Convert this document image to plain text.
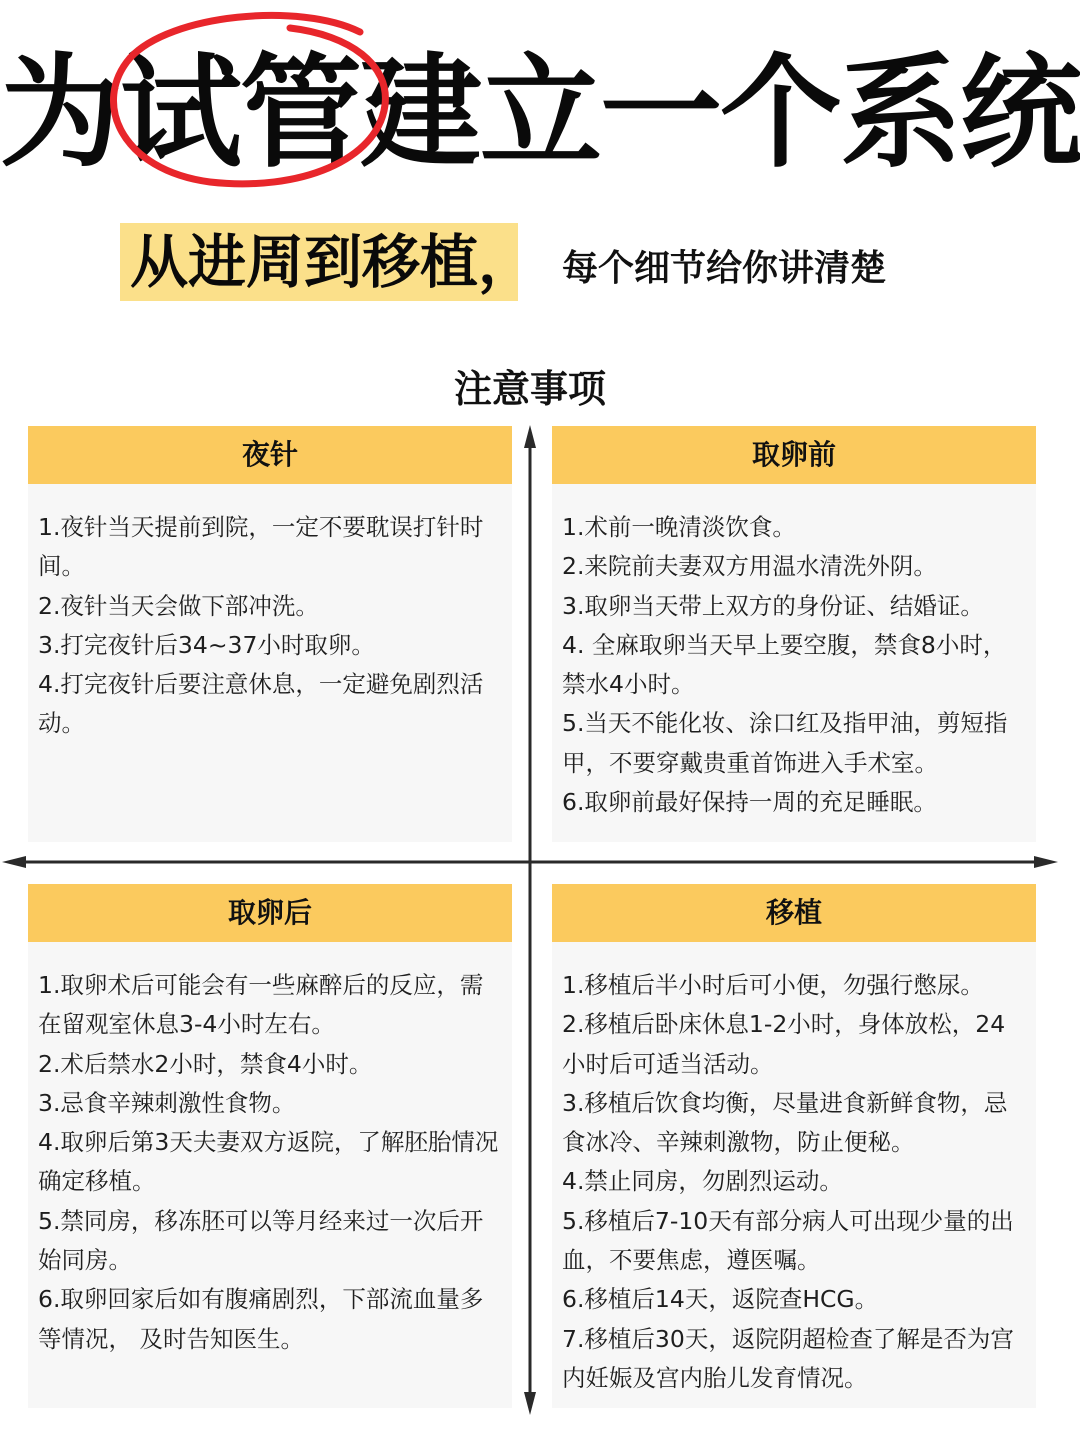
为试管建立一个系统
从进周到移植， 每个细节给你讲清楚
注意事项
夜针

1.夜针当天提前到院，一定不要耽误打针时间。

2.夜针当天会做下部冲洗。

3.打完夜针后34~37小时取卵。

4.打完夜针后要注意休息，一定避免剧烈活动。

取卵前

1.术前一晚清淡饮食。

2.来院前夫妻双方用温水清洗外阴。

3.取卵当天带上双方的身份证、结婚证。

4. 全麻取卵当天早上要空腹，禁食8小时，禁水4小时。

5.当天不能化妆、涂口红及指甲油，剪短指甲，不要穿戴贵重首饰进入手术室。

6.取卵前最好保持一周的充足睡眠。

取卵后

1.取卵术后可能会有一些麻醉后的反应，需在留观室休息3-4小时左右。

2.术后禁水2小时，禁食4小时。

3.忌食辛辣刺激性食物。

4.取卵后第3天夫妻双方返院，了解胚胎情况确定移植。

5.禁同房，移冻胚可以等月经来过一次后开始同房。

6.取卵回家后如有腹痛剧烈，下部流血量多等情况， 及时告知医生。

移植

1.移植后半小时后可小便，勿强行憋尿。

2.移植后卧床休息1-2小时，身体放松，24小时后可适当活动。

3.移植后饮食均衡，尽量进食新鲜食物，忌食冰冷、辛辣刺激物，防止便秘。

4.禁止同房，勿剧烈运动。

5.移植后7-10天有部分病人可出现少量的出血，不要焦虑，遵医嘱。

6.移植后14天，返院查HCG。

7.移植后30天，返院阴超检查了解是否为宫内妊娠及宫内胎儿发育情况。
